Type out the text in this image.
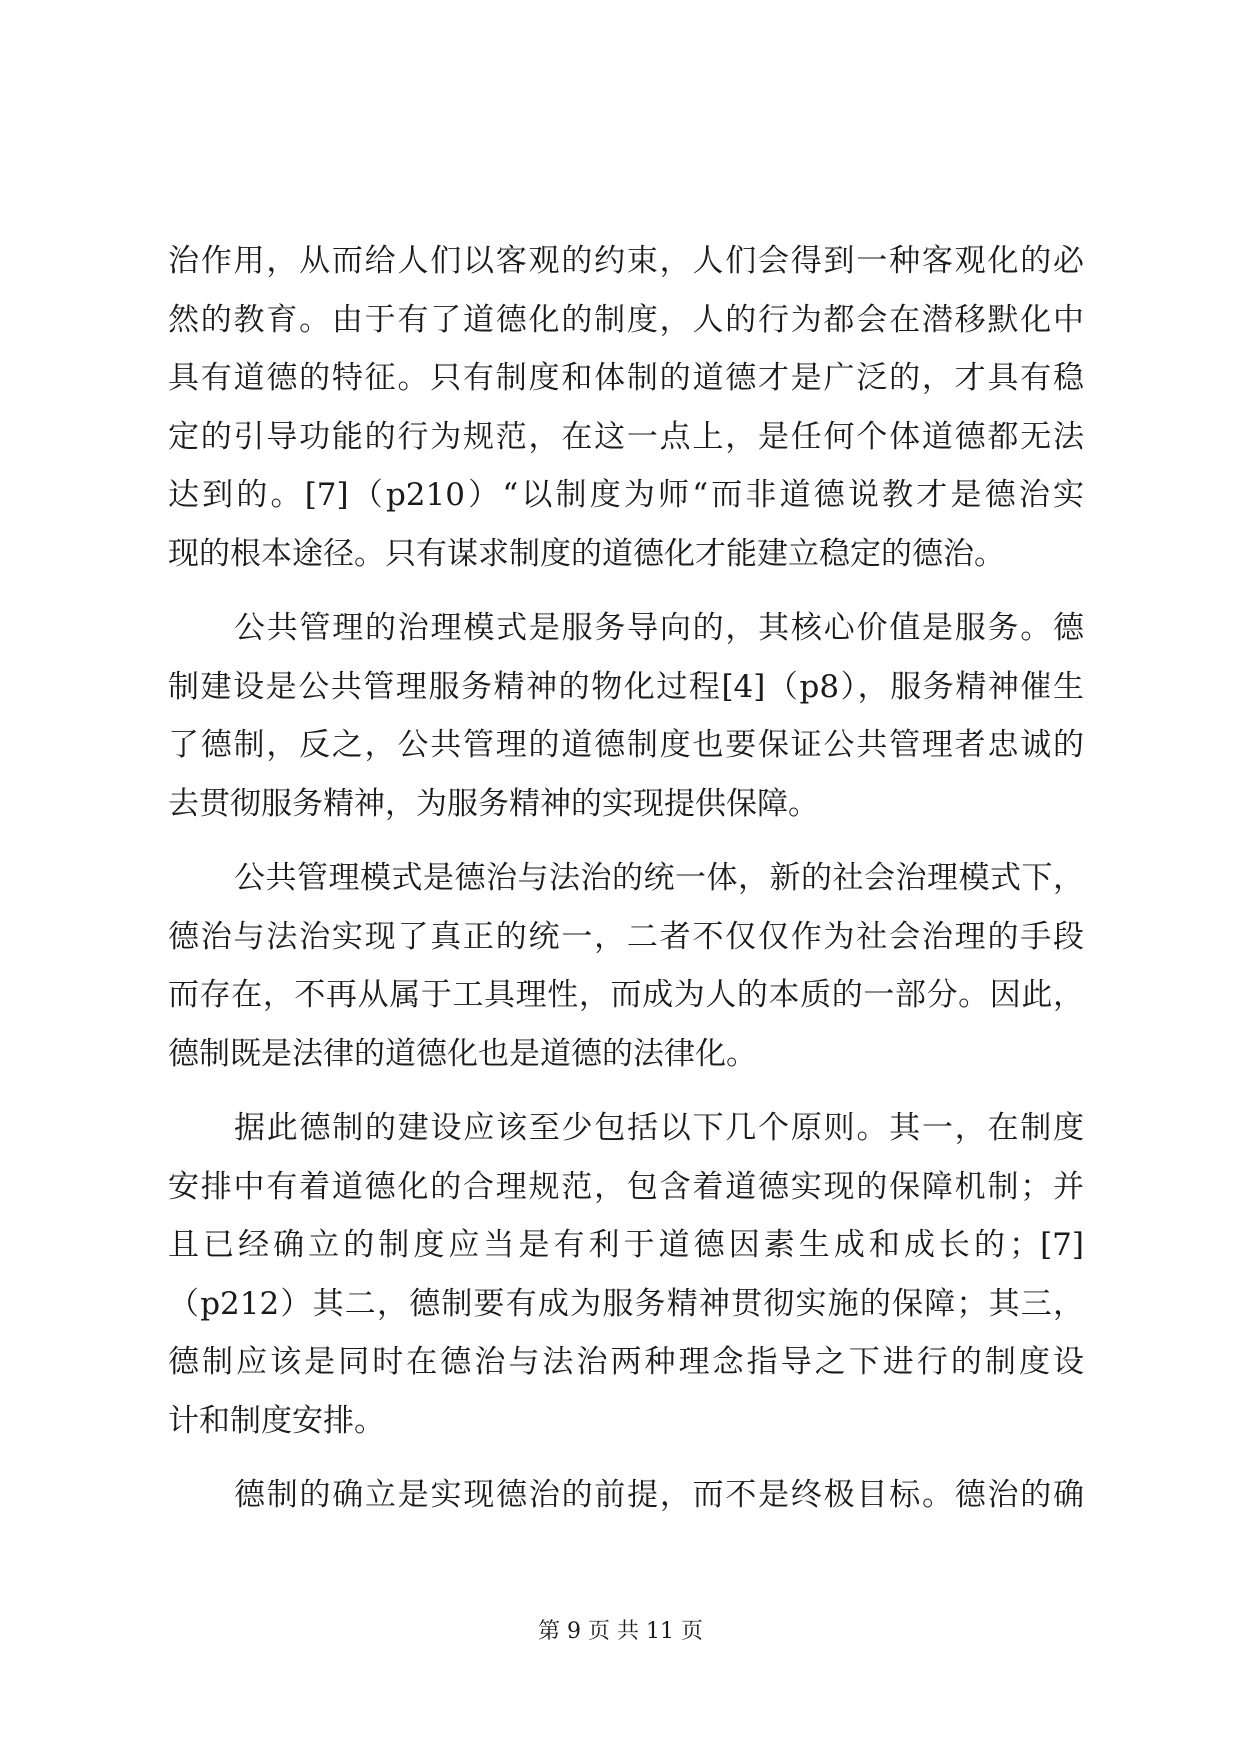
治作用，从而给人们以客观的约束，人们会得到一种客观化的必
然的教育。由于有了道德化的制度，人的行为都会在潜移默化中
具有道德的特征。只有制度和体制的道德才是广泛的，才具有稳
定的引导功能的行为规范，在这一点上，是任何个体道德都无法
达到的。[7]（p210）“以制度为师“而非道德说教才是德治实
现的根本途径。只有谋求制度的道德化才能建立稳定的德治。
公共管理的治理模式是服务导向的，其核心价值是服务。德
制建设是公共管理服务精神的物化过程[4]（p8），服务精神催生
了德制，反之，公共管理的道德制度也要保证公共管理者忠诚的
去贯彻服务精神，为服务精神的实现提供保障。
公共管理模式是德治与法治的统一体，新的社会治理模式下，
德治与法治实现了真正的统一，二者不仅仅作为社会治理的手段
而存在，不再从属于工具理性，而成为人的本质的一部分。因此，
德制既是法律的道德化也是道德的法律化。
据此德制的建设应该至少包括以下几个原则。其一，在制度
安排中有着道德化的合理规范，包含着道德实现的保障机制；并
且已经确立的制度应当是有利于道德因素生成和成长的；[7]
（p212）其二，德制要有成为服务精神贯彻实施的保障；其三，
德制应该是同时在德治与法治两种理念指导之下进行的制度设
计和制度安排。
德制的确立是实现德治的前提，而不是终极目标。德治的确
第 9 页 共 11 页
